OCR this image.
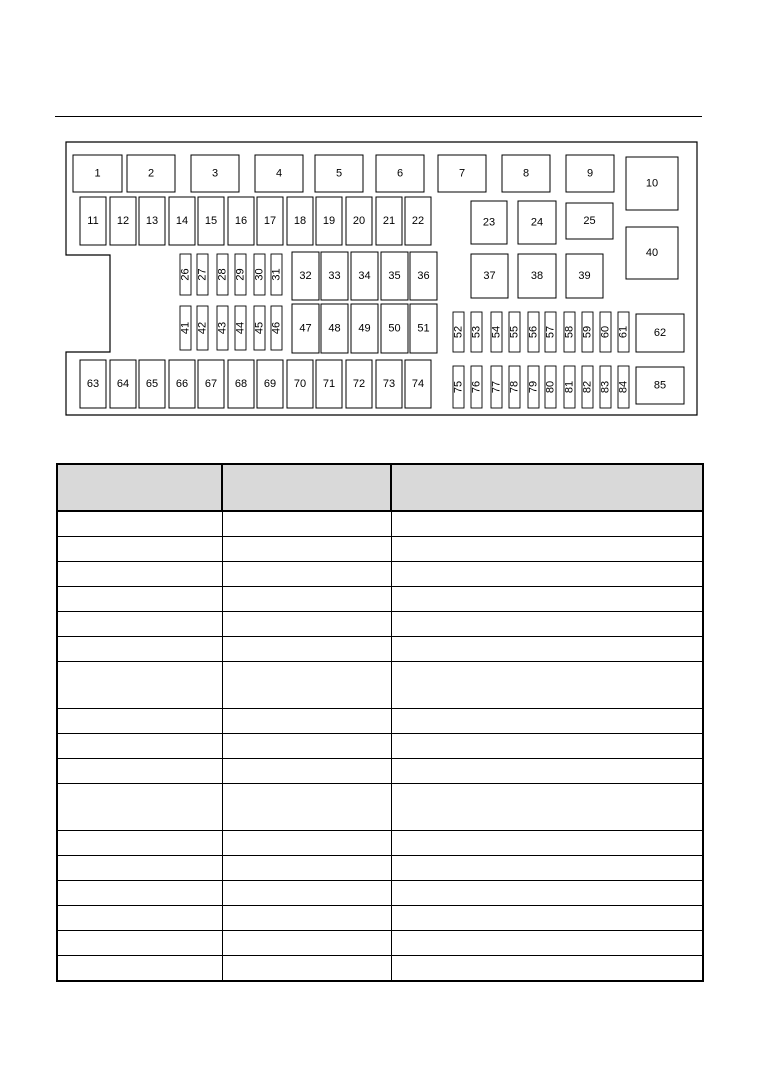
1	2	3	4	5	6	7	8	9
10
11 12 13 14 15 16 17 18 19 20 21 22	23	24	25
26 27 28 29 30 31 32 33 34 35 36	37	38	39
40
41 42 43 44 45 46 47 48 49 50 51 52 53 54 55 56 57 58 59 60 61 62
63 64 65 66 67 68 69 70 71 72 73 74	75 76 77 78 79 80 81 82 83 84 85
